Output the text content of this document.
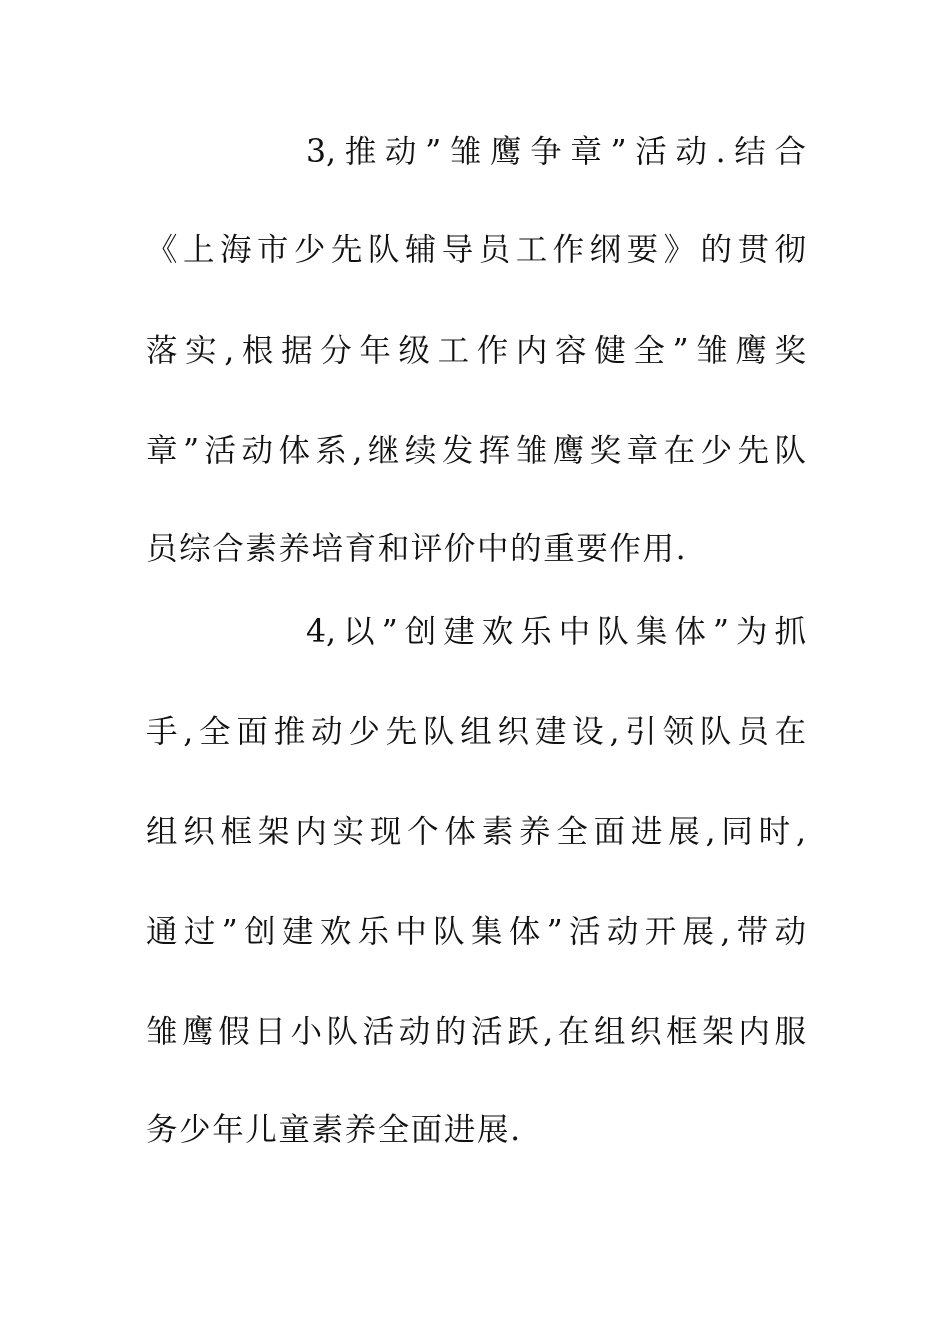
3,推动”雏鹰争章”活动.结合
《上海市少先队辅导员工作纲要》的贯彻
落实,根据分年级工作内容健全”雏鹰奖
章”活动体系,继续发挥雏鹰奖章在少先队
员综合素养培育和评价中的重要作用.
4,以”创建欢乐中队集体”为抓
手,全面推动少先队组织建设,引领队员在
组织框架内实现个体素养全面进展,同时,
通过”创建欢乐中队集体”活动开展,带动
雏鹰假日小队活动的活跃,在组织框架内服
务少年儿童素养全面进展.
